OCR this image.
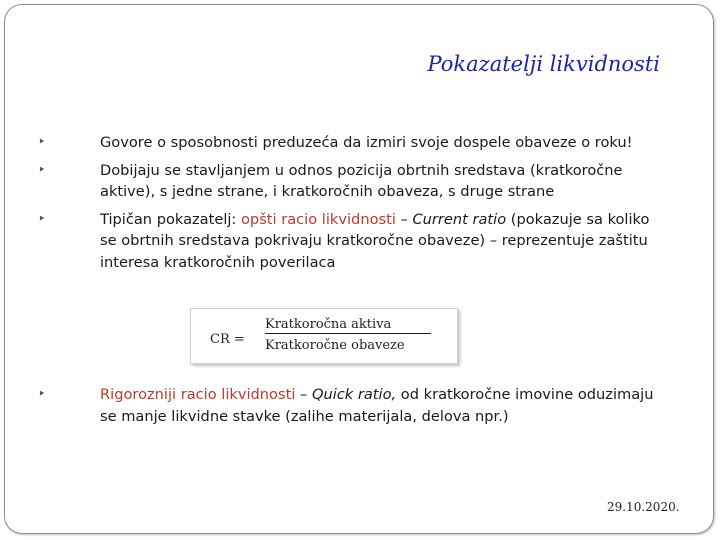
Pokazatelji likvidnosti
‣	Govore o sposobnosti preduzeća da izmiri svoje dospele obaveze o roku!
‣	Dobijaju se stavljanjem u odnos pozicija obrtnih sredstava (kratkoročne aktive), s jedne strane, i kratkoročnih obaveza, s druge strane
‣	Tipičan pokazatelj: opšti racio likvidnosti – Current ratio (pokazuje sa koliko se obrtnih sredstava pokrivaju kratkoročne obaveze) – reprezentuje zaštitu interesa kratkoročnih poverilaca
CR =
Kratkoročna aktiva
Kratkoročne obaveze
‣	Rigorozniji racio likvidnosti – Quick ratio, od kratkoročne imovine oduzimaju se manje likvidne stavke (zalihe materijala, delova npr.)
29.10.2020.
